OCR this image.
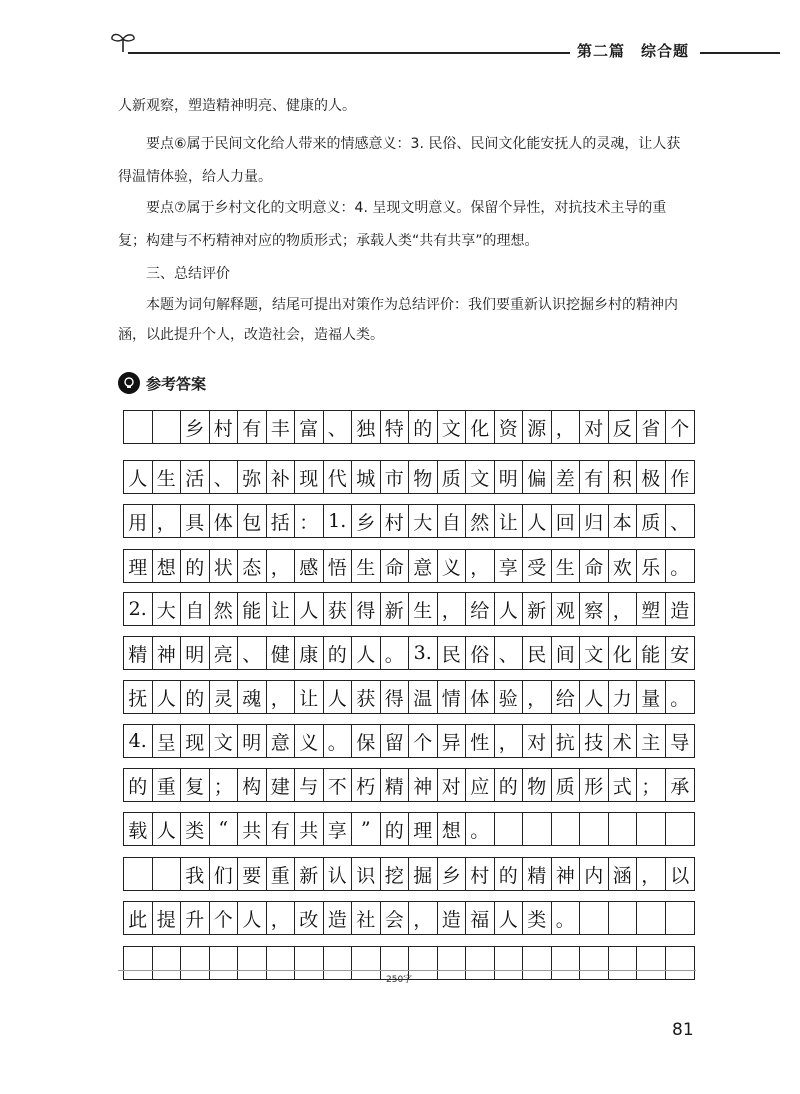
第二篇　综合题
人新观察，塑造精神明亮、健康的人。
要点⑥属于民间文化给人带来的情感意义：3. 民俗、民间文化能安抚人的灵魂，让人获得温情体验，给人力量。
要点⑦属于乡村文化的文明意义：4. 呈现文明意义。保留个异性，对抗技术主导的重复；构建与不朽精神对应的物质形式；承载人类“共有共享”的理想。
三、总结评价
本题为词句解释题，结尾可提出对策作为总结评价：我们要重新认识挖掘乡村的精神内涵，以此提升个人，改造社会，造福人类。
参考答案
乡 村 有 丰 富 、 独 特 的 文 化 资 源 ， 对 反 省 个
人 生 活 、 弥 补 现 代 城 市 物 质 文 明 偏 差 有 积 极 作
用 ， 具 体 包 括 ： 1. 乡 村 大 自 然 让 人 回 归 本 质 、
理 想 的 状 态 ， 感 悟 生 命 意 义 ， 享 受 生 命 欢 乐 。
2. 大 自 然 能 让 人 获 得 新 生 ， 给 人 新 观 察 ， 塑 造
精 神 明 亮 、 健 康 的 人 。 3. 民 俗 、 民 间 文 化 能 安
抚 人 的 灵 魂 ， 让 人 获 得 温 情 体 验 ， 给 人 力 量 。
4. 呈 现 文 明 意 义 。 保 留 个 异 性 ， 对 抗 技 术 主 导
的 重 复 ； 构 建 与 不 朽 精 神 对 应 的 物 质 形 式 ； 承
载 人 类 “ 共 有 共 享 ” 的 理 想 。
我 们 要 重 新 认 识 挖 掘 乡 村 的 精 神 内 涵 ， 以
此 提 升 个 人 ， 改 造 社 会 ， 造 福 人 类 。
250字
81
